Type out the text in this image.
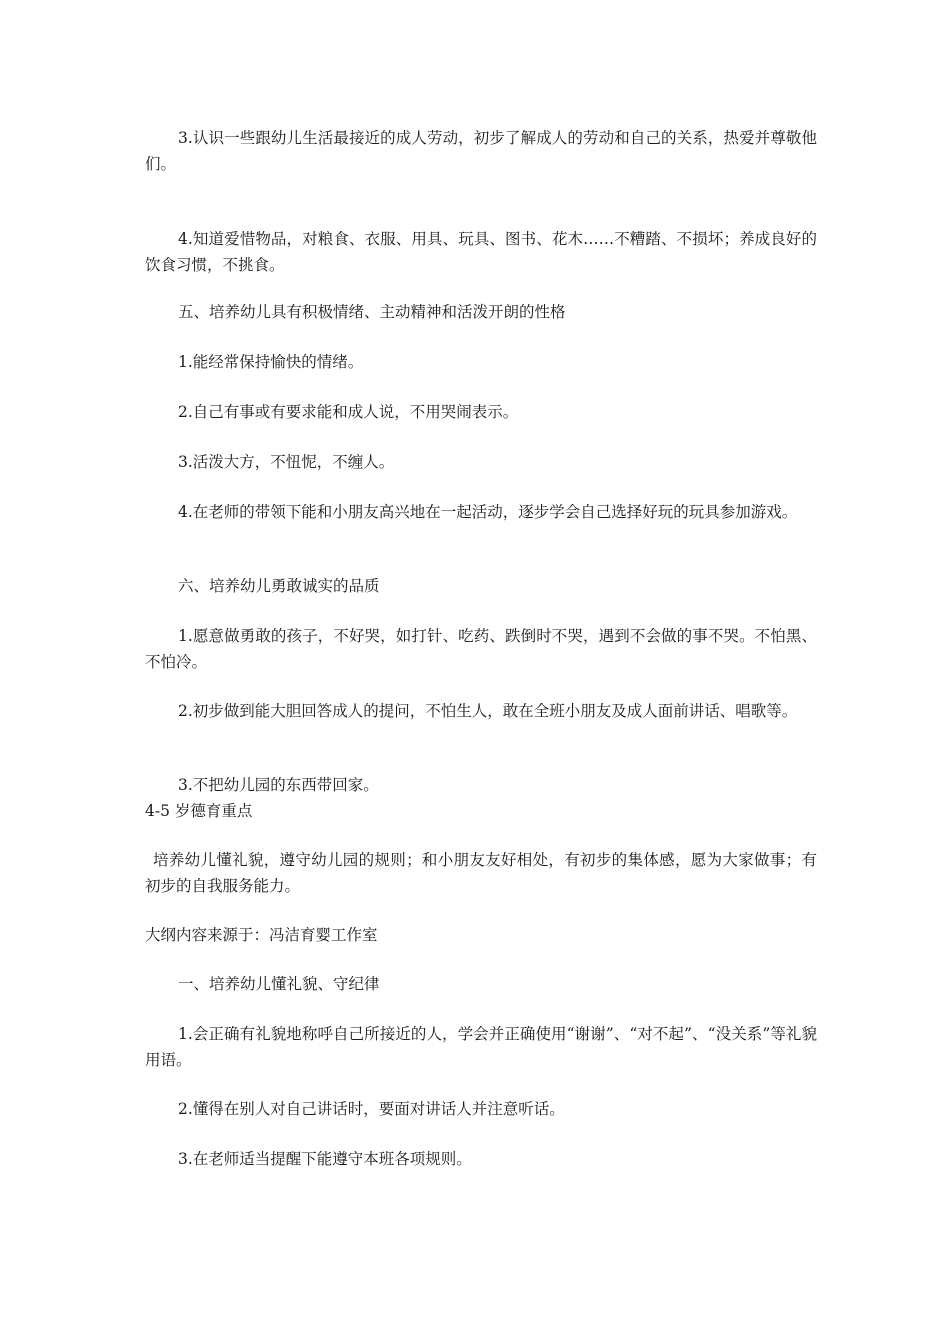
3.认识一些跟幼儿生活最接近的成人劳动，初步了解成人的劳动和自己的关系，热爱并尊敬他们。

4.知道爱惜物品，对粮食、衣服、用具、玩具、图书、花木……不糟踏、不损坏；养成良好的饮食习惯，不挑食。

五、培养幼儿具有积极情绪、主动精神和活泼开朗的性格

1.能经常保持愉快的情绪。

2.自己有事或有要求能和成人说，不用哭闹表示。

3.活泼大方，不忸怩，不缠人。

4.在老师的带领下能和小朋友高兴地在一起活动，逐步学会自己选择好玩的玩具参加游戏。

六、培养幼儿勇敢诚实的品质

1.愿意做勇敢的孩子，不好哭，如打针、吃药、跌倒时不哭，遇到不会做的事不哭。不怕黑、不怕冷。

2.初步做到能大胆回答成人的提问，不怕生人，敢在全班小朋友及成人面前讲话、唱歌等。

3.不把幼儿园的东西带回家。

4-5 岁德育重点

培养幼儿懂礼貌，遵守幼儿园的规则；和小朋友友好相处，有初步的集体感，愿为大家做事；有初步的自我服务能力。

大纲内容来源于：冯洁育婴工作室

一、培养幼儿懂礼貌、守纪律

1.会正确有礼貌地称呼自己所接近的人，学会并正确使用“谢谢”、“对不起”、“没关系”等礼貌用语。

2.懂得在别人对自己讲话时，要面对讲话人并注意听话。

3.在老师适当提醒下能遵守本班各项规则。
